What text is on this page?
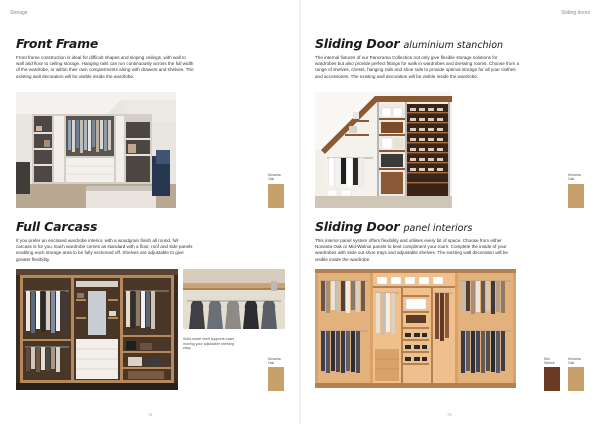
Storage	Sliding doors
Front Frame

Front frame construction is ideal for difficult shapes and sloping ceilings, with wall to wall and floor to ceiling storage. Hanging rails can run continuously across the full width of the wardrobe, or within their own compartments along with drawers and shelves. The existing wall decoration will be visible inside the wardrobe.

Novanta
Oak
Sliding Door aluminium stanchion

The internal fixtures of our Panorama Collection not only give flexible storage solutions for wardrobes but also provide perfect fittings for walk in wardrobes and dressing rooms. Choose from a range of shelves, chests, hanging rails and shoe rails to provide optimal storage for all your clothes and accessories. The existing wall decoration will be visible inside the wardrobe.

Novanta
Oak
Full Carcass

If you prefer an enclosed wardrobe interior, with a woodgrain finish all round, full carcass is for you. Each wardrobe comes as standard with a floor, roof and side panels enabling each storage area to be fully sectioned off. Shelves are adjustable to give greater flexibility.

Solid nickel shelf supports make moving your adjustable shelving easy.
Novanta
Oak
Sliding Door panel interiors

This interior panel system offers flexibility and utilises every bit of space. Choose from either Novanta Oak or Mid-Walnut panels to best compliment your room. Complete the inside of your wardrobes with slide out shoe trays and adjustable shelves. The existing wall decoration will be visible inside the wardrobe.

Mid
Walnut
Novanta
Oak
74	75
